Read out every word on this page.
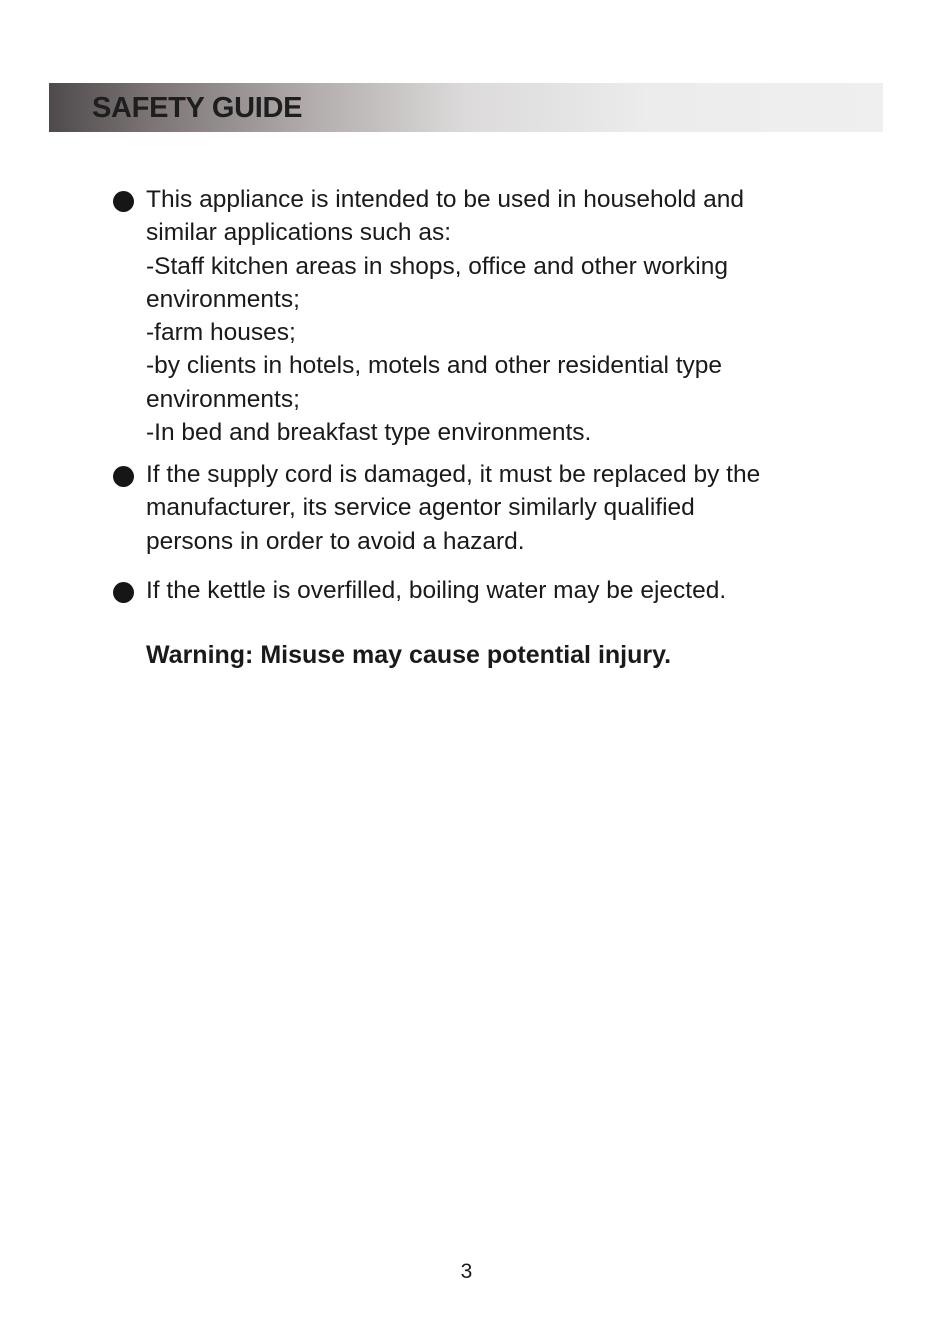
SAFETY GUIDE
This appliance is intended to be used in household and
similar applications such as:
-Staff kitchen areas in shops, office and other working
environments;
-farm houses;
-by clients in hotels, motels and other residential type
environments;
-In bed and breakfast type environments.
If the supply cord is damaged, it must be replaced by the
manufacturer, its service agentor similarly qualified
persons in order to avoid a hazard.
If the kettle is overfilled, boiling water may be ejected.
Warning: Misuse may cause potential injury.
3
